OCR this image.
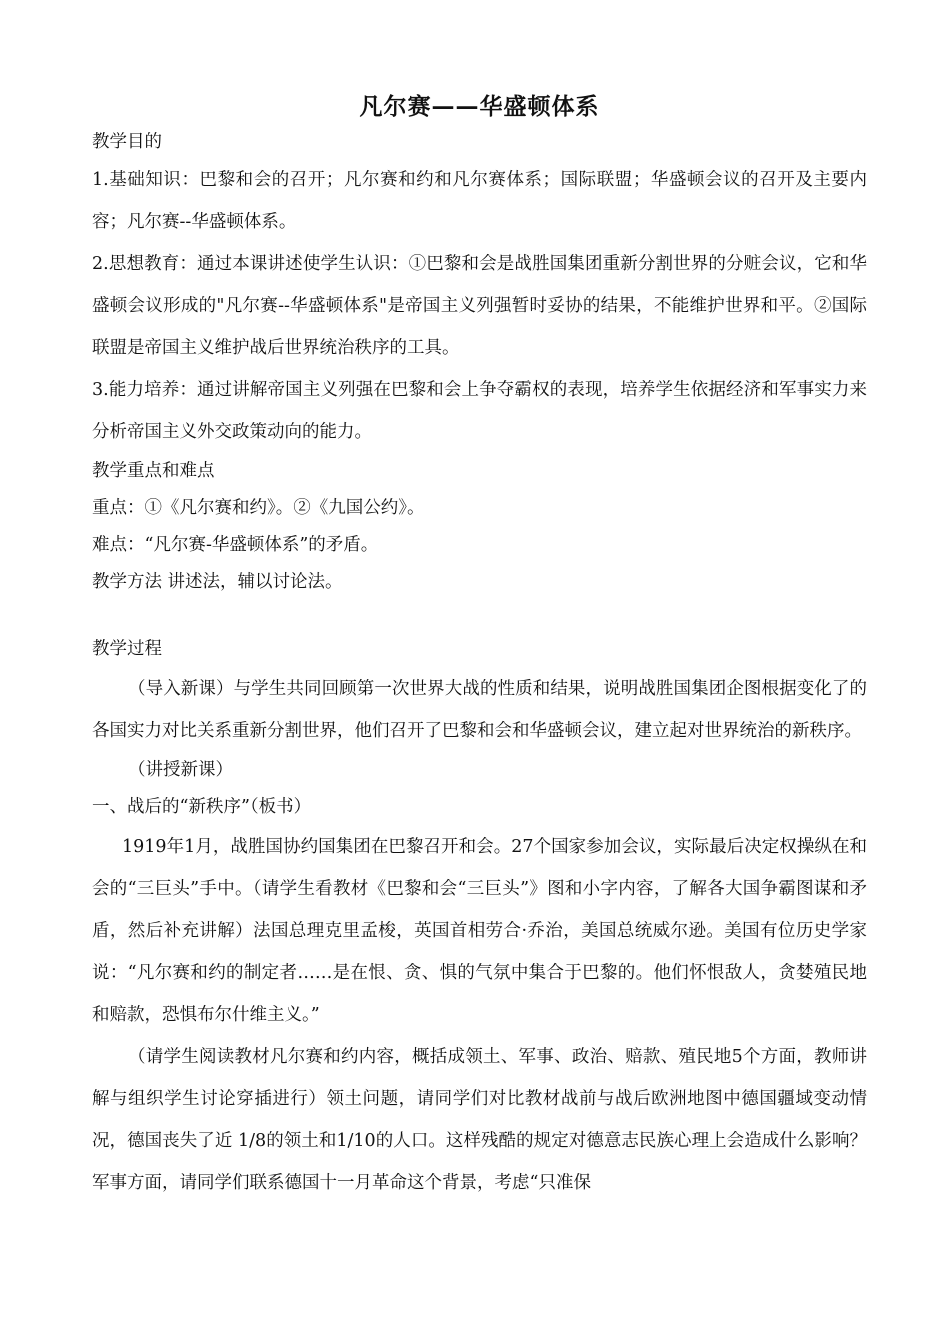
凡尔赛——华盛顿体系

教学目的

1.基础知识：巴黎和会的召开；凡尔赛和约和凡尔赛体系；国际联盟；华盛顿会议的召开及主要内容；凡尔赛--华盛顿体系。

2.思想教育：通过本课讲述使学生认识：①巴黎和会是战胜国集团重新分割世界的分赃会议，它和华盛顿会议形成的"凡尔赛--华盛顿体系"是帝国主义列强暂时妥协的结果，不能维护世界和平。②国际联盟是帝国主义维护战后世界统治秩序的工具。

3.能力培养：通过讲解帝国主义列强在巴黎和会上争夺霸权的表现，培养学生依据经济和军事实力来分析帝国主义外交政策动向的能力。

教学重点和难点

重点：①《凡尔赛和约》。②《九国公约》。

难点：“凡尔赛-华盛顿体系”的矛盾。

教学方法 讲述法，辅以讨论法。

教学过程

（导入新课）与学生共同回顾第一次世界大战的性质和结果，说明战胜国集团企图根据变化了的各国实力对比关系重新分割世界，他们召开了巴黎和会和华盛顿会议，建立起对世界统治的新秩序。

（讲授新课）

一、战后的“新秩序”（板书）

1919年1月，战胜国协约国集团在巴黎召开和会。27个国家参加会议，实际最后决定权操纵在和会的“三巨头”手中。（请学生看教材《巴黎和会“三巨头”》图和小字内容，了解各大国争霸图谋和矛盾，然后补充讲解）法国总理克里孟梭，英国首相劳合·乔治，美国总统威尔逊。美国有位历史学家说：“凡尔赛和约的制定者……是在恨、贪、惧的气氛中集合于巴黎的。他们怀恨敌人，贪婪殖民地和赔款，恐惧布尔什维主义。”

（请学生阅读教材凡尔赛和约内容，概括成领土、军事、政治、赔款、殖民地5个方面，教师讲解与组织学生讨论穿插进行）领土问题，请同学们对比教材战前与战后欧洲地图中德国疆域变动情况，德国丧失了近 1/8的领土和1/10的人口。这样残酷的规定对德意志民族心理上会造成什么影响？军事方面，请同学们联系德国十一月革命这个背景，考虑“只准保
